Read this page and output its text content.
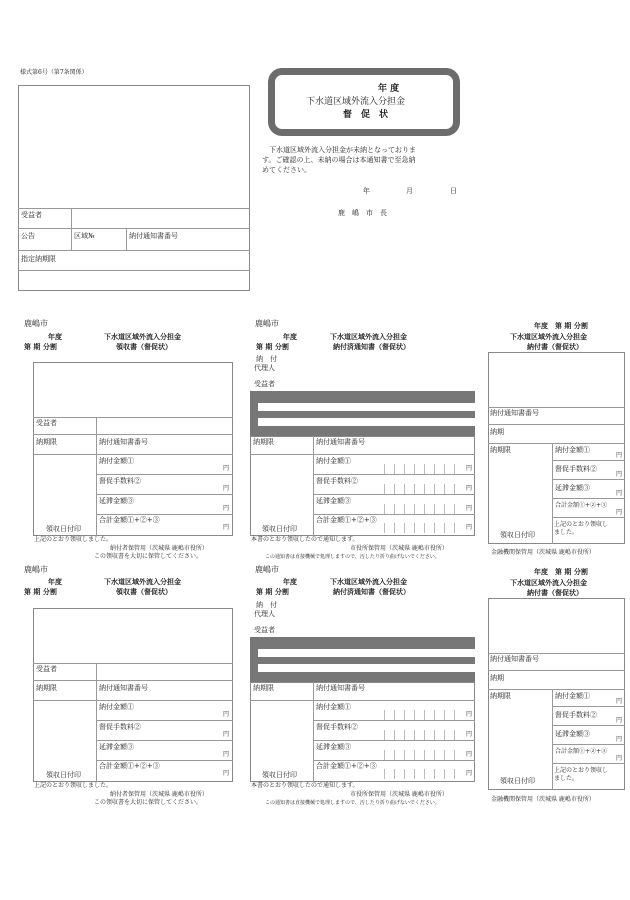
様式第6号（第7条関係）
受益者
公告	区域№	納付通知書番号
指定納期限
年 度
下水道区域外流入分担金
督　促　状
　下水道区域外流入分担金が未納となっておりま
す。ご確認の上、未納の場合は本通知書で至急納
めてください。
年	月	日
鹿　嶋　市　長
鹿嶋市
年度
第 期 分割
下水道区域外流入分担金
領収書（督促状）
受益者
納期限	納付通知書番号
納付金額①
円
督促手数料②
円
延滞金額③
円
合計金額①+②+③
円
領収日付印
上記のとおり領収しました。
納付者保管用（茨城県 鹿嶋市役所）
この領収書を大切に保管してください。
鹿嶋市
年度
第 期 分割
下水道区域外流入分担金
納付済通知書（督促状）
納　付
代理人
受益者
納期限	納付通知書番号
納付金額①
円
督促手数料②
円
延滞金額③
円
合計金額①+②+③
円
領収日付印
本書のとおり領収したので通知します。
市役所保管用（茨城県 鹿嶋市役所）
この通知書は直接機械で処理しますので、汚したり折り曲げないでください。
年度　第 期 分割
下水道区域外流入分担金
納付書（督促状）
納付通知書番号
納期
納期限	納付金額①
円
督促手数料②
円
延滞金額③
円
合計金額①+②+③
円
上記のとおり領収し
ました。
領収日付印
金融機関保管用（茨城県 鹿嶋市役所）
鹿嶋市
年度
第 期 分割
下水道区域外流入分担金
領収書（督促状）
受益者
納期限	納付通知書番号
納付金額①
円
督促手数料②
円
延滞金額③
円
合計金額①+②+③
円
領収日付印
上記のとおり領収しました。
納付者保管用（茨城県 鹿嶋市役所）
この領収書を大切に保管してください。
鹿嶋市
年度
第 期 分割
下水道区域外流入分担金
納付済通知書（督促状）
納　付
代理人
受益者
納期限	納付通知書番号
納付金額①
円
督促手数料②
円
延滞金額③
円
合計金額①+②+③
円
領収日付印
本書のとおり領収したので通知します。
市役所保管用（茨城県 鹿嶋市役所）
この通知書は直接機械で処理しますので、汚したり折り曲げないでください。
年度　第 期 分割
下水道区域外流入分担金
納付書（督促状）
納付通知書番号
納期
納期限	納付金額①
円
督促手数料②
円
延滞金額③
円
合計金額①+②+③
円
上記のとおり領収し
ました。
領収日付印
金融機関保管用（茨城県 鹿嶋市役所）
